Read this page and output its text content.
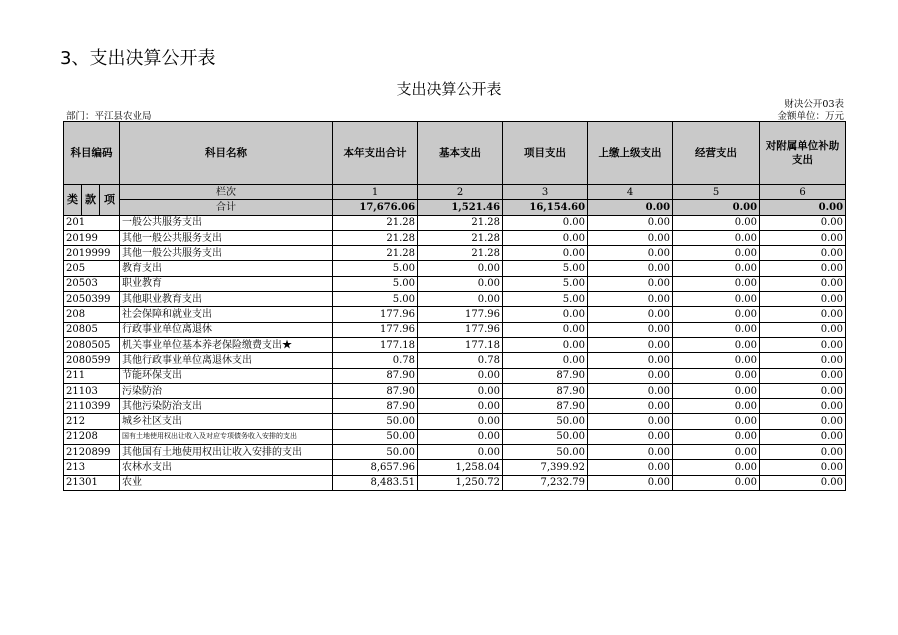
3、支出决算公开表
支出决算公开表
财决公开03表
金额单位：万元
部门：平江县农业局
科目编码			科目名称	本年支出合计	基本支出	项目支出	上缴上级支出	经营支出	对附属单位补助支出
类	款	项	栏次	1	2	3	4	5	6
			合计	17,676.06	1,521.46	16,154.60	0.00	0.00	0.00
201			一般公共服务支出	21.28	21.28	0.00	0.00	0.00	0.00
20199			其他一般公共服务支出	21.28	21.28	0.00	0.00	0.00	0.00
2019999			其他一般公共服务支出	21.28	21.28	0.00	0.00	0.00	0.00
205			教育支出	5.00	0.00	5.00	0.00	0.00	0.00
20503			职业教育	5.00	0.00	5.00	0.00	0.00	0.00
2050399			其他职业教育支出	5.00	0.00	5.00	0.00	0.00	0.00
208			社会保障和就业支出	177.96	177.96	0.00	0.00	0.00	0.00
20805			行政事业单位离退休	177.96	177.96	0.00	0.00	0.00	0.00
2080505			机关事业单位基本养老保险缴费支出★	177.18	177.18	0.00	0.00	0.00	0.00
2080599			其他行政事业单位离退休支出	0.78	0.78	0.00	0.00	0.00	0.00
211			节能环保支出	87.90	0.00	87.90	0.00	0.00	0.00
21103			污染防治	87.90	0.00	87.90	0.00	0.00	0.00
2110399			其他污染防治支出	87.90	0.00	87.90	0.00	0.00	0.00
212			城乡社区支出	50.00	0.00	50.00	0.00	0.00	0.00
21208			国有土地使用权出让收入及对应专项债务收入安排的支出	50.00	0.00	50.00	0.00	0.00	0.00
2120899			其他国有土地使用权出让收入安排的支出	50.00	0.00	50.00	0.00	0.00	0.00
213			农林水支出	8,657.96	1,258.04	7,399.92	0.00	0.00	0.00
21301			农业	8,483.51	1,250.72	7,232.79	0.00	0.00	0.00
